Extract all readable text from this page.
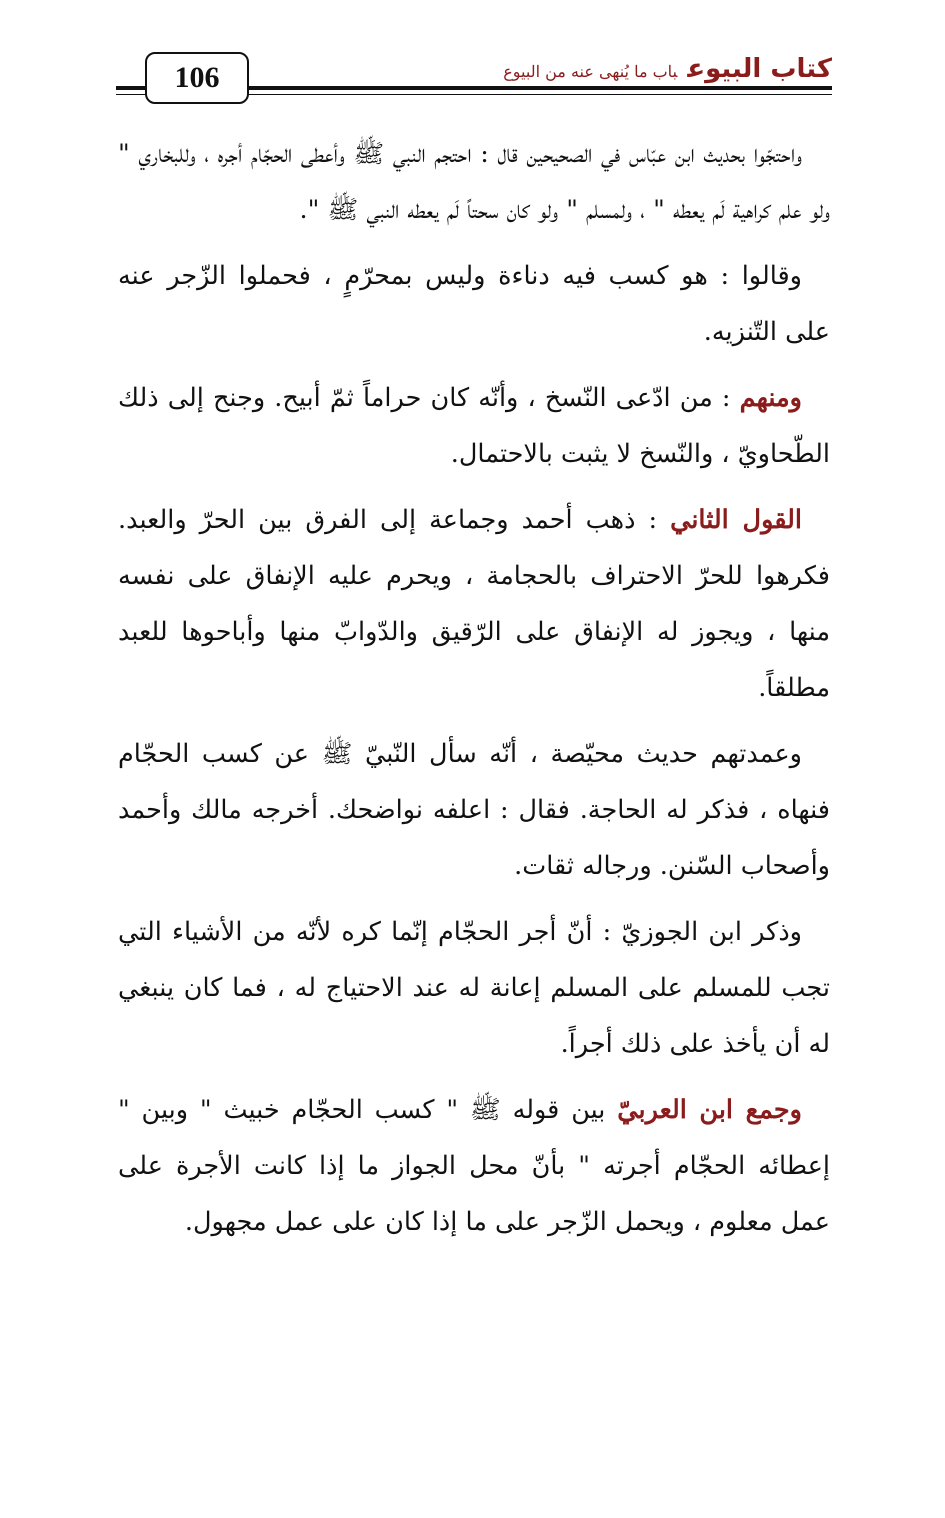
106	كتاب البيوعباب ما يُنهى عنه من البيوع

واحتجّوا بحديث ابن عبّاس في الصحيحين قال : احتجم النبي ﷺ وأعطى الحجّام أجره ، وللبخاري " ولو علم كراهية لَم يعطه " ، ولمسلم " ولو كان سحتاً لَم يعطه النبي ﷺ ".

وقالوا : هو كسب فيه دناءة وليس بمحرّمٍ ، فحملوا الزّجر عنه على التّنزيه.

ومنهم : من ادّعى النّسخ ، وأنّه كان حراماً ثمّ أبيح. وجنح إلى ذلك الطّحاويّ ، والنّسخ لا يثبت بالاحتمال.

القول الثاني : ذهب أحمد وجماعة إلى الفرق بين الحرّ والعبد. فكرهوا للحرّ الاحتراف بالحجامة ، ويحرم عليه الإنفاق على نفسه منها ، ويجوز له الإنفاق على الرّقيق والدّوابّ منها وأباحوها للعبد مطلقاً.

وعمدتهم حديث محيّصة ، أنّه سأل النّبيّ ﷺ عن كسب الحجّام فنهاه ، فذكر له الحاجة. فقال : اعلفه نواضحك. أخرجه مالك وأحمد وأصحاب السّنن. ورجاله ثقات.

وذكر ابن الجوزيّ : أنّ أجر الحجّام إنّما كره لأنّه من الأشياء التي تجب للمسلم على المسلم إعانة له عند الاحتياج له ، فما كان ينبغي له أن يأخذ على ذلك أجراً.

وجمع ابن العربيّ بين قوله ﷺ " كسب الحجّام خبيث " وبين " إعطائه الحجّام أجرته " بأنّ محل الجواز ما إذا كانت الأجرة على عمل معلوم ، ويحمل الزّجر على ما إذا كان على عمل مجهول.
